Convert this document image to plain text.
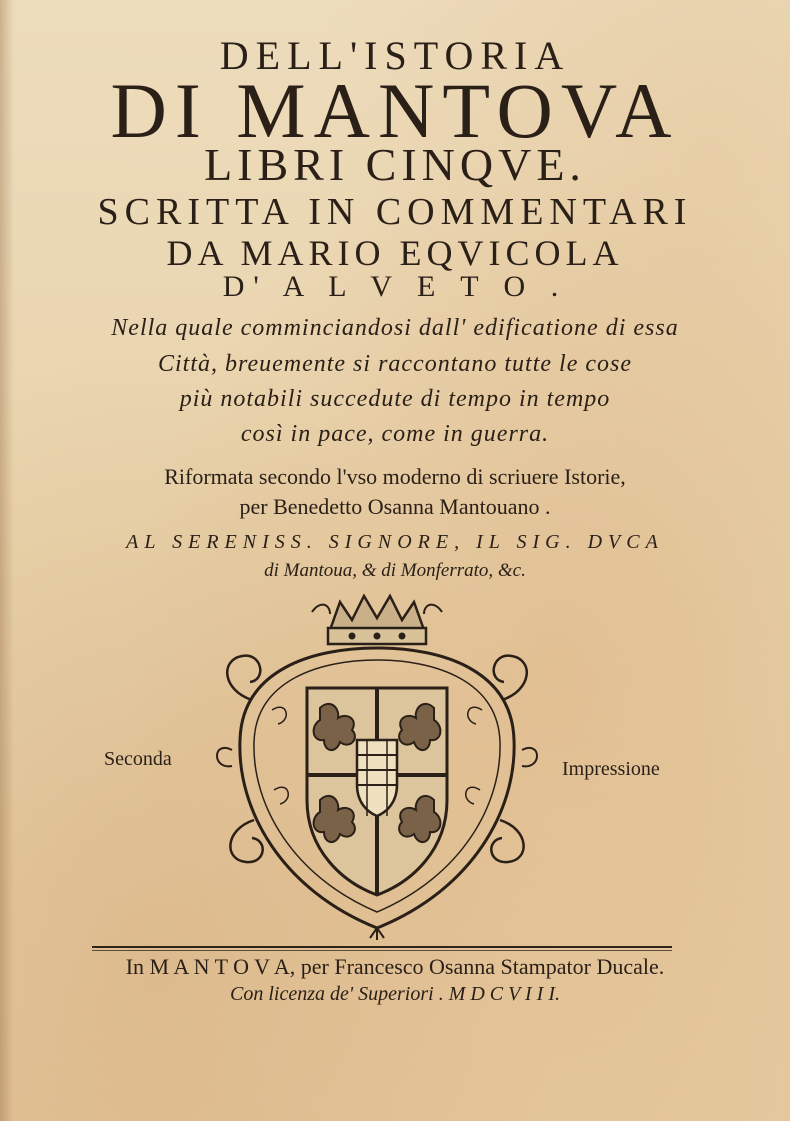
DELL'ISTORIA
DI MANTOVA
LIBRI CINQVE.
SCRITTA IN COMMENTARI
DA MARIO EQVICOLA
D' A L V E T O .
Nella quale comminciandosi dall' edificatione di essa
Città, breuemente si raccontano tutte le cose
più notabili succedute di tempo in tempo
così in pace, come in guerra.
Riformata secondo l'vso moderno di scriuere Istorie,
per Benedetto Osanna Mantouano .
AL SERENISS. SIGNORE, IL SIG. DVCA
di Mantoua, & di Monferrato, &c.
Seconda	Impressione
In M A N T O V A, per Francesco Osanna Stampator Ducale.
Con licenza de' Superiori . M D C V I I I.
